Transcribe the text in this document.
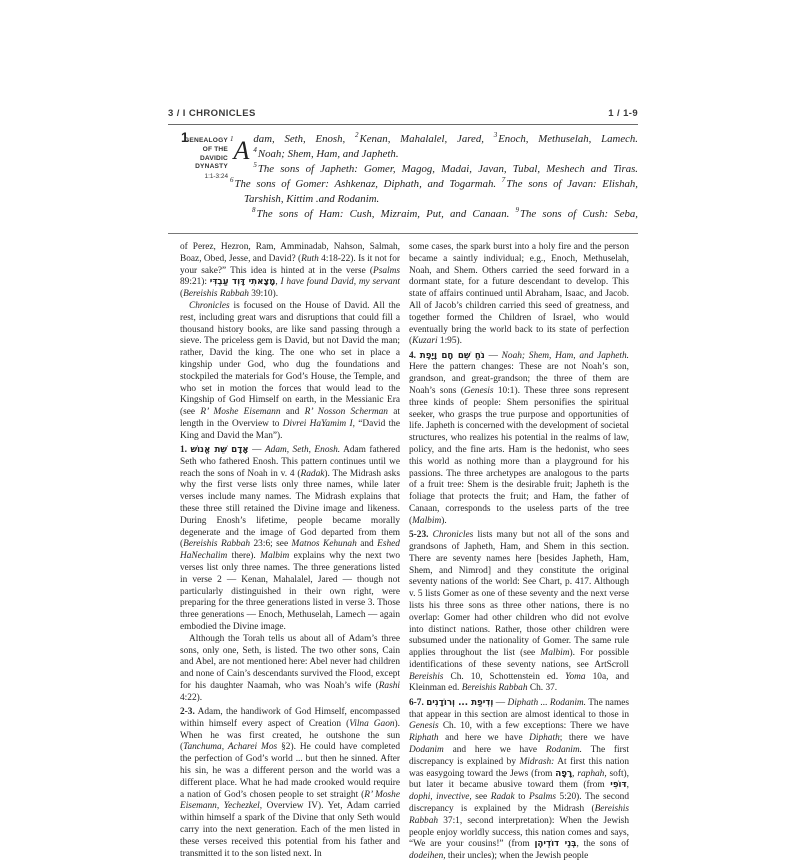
3 / I CHRONICLES	1 / 1-9
1
GENEALOGY
OF THE
DAVIDIC
DYNASTY
1:1-3:24
$^1$A dam, Seth, Enosh, $^2$Kenan, Mahalalel, Jared, $^3$Enoch, Methuselah, Lamech.
$^4$Noah; Shem, Ham, and Japheth.
$^5$The sons of Japheth: Gomer, Magog, Madai, Javan, Tubal, Meshech and Tiras.
$^6$The sons of Gomer: Ashkenaz, Diphath, and Togarmah. $^7$The sons of Javan: Elishah,
Tarshish, Kittim .and Rodanim.
$^8$The sons of Ham: Cush, Mizraim, Put, and Canaan. $^9$The sons of Cush: Seba,
of Perez, Hezron, Ram, Amminadab, Nahson, Salmah, Boaz, Obed, Jesse, and David? (Ruth 4:18-22). Is it not for your sake?” This idea is hinted at in the verse (Psalms 89:21): מָצָאתִי דָּוִד עַבְדִּי, I have found David, my servant (Bereishis Rabbah 39:10).
Chronicles is focused on the House of David. All the rest, including great wars and disruptions that could fill a thousand history books, are like sand passing through a sieve. The priceless gem is David, but not David the man; rather, David the king. The one who set in place a kingship under God, who dug the foundations and stockpiled the materials for God’s House, the Temple, and who set in motion the forces that would lead to the Kingship of God Himself on earth, in the Messianic Era (see R’ Moshe Eisemann and R’ Nosson Scherman at length in the Overview to Divrei HaYamim I, “David the King and David the Man”).
1. אָדָם שֵׁת אֱנוֹשׁ — Adam, Seth, Enosh. Adam fathered Seth who fathered Enosh. This pattern continues until we reach the sons of Noah in v. 4 (Radak). The Midrash asks why the first verse lists only three names, while later verses include many names. The Midrash explains that these three still retained the Divine image and likeness. During Enosh’s lifetime, people became morally degenerate and the image of God departed from them (Bereishis Rabbah 23:6; see Matnos Kehunah and Eshed HaNechalim there). Malbim explains why the next two verses list only three names. The three generations listed in verse 2 — Kenan, Mahalalel, Jared — though not particularly distinguished in their own right, were preparing for the three generations listed in verse 3. Those three generations — Enoch, Methuselah, Lamech — again embodied the Divine image.
Although the Torah tells us about all of Adam’s three sons, only one, Seth, is listed. The two other sons, Cain and Abel, are not mentioned here: Abel never had children and none of Cain’s descendants survived the Flood, except for his daughter Naamah, who was Noah’s wife (Rashi 4:22).
2-3. Adam, the handiwork of God Himself, encompassed within himself every aspect of Creation (Vilna Gaon). When he was first created, he outshone the sun (Tanchuma, Acharei Mos §2). He could have completed the perfection of God’s world ... but then he sinned. After his sin, he was a different person and the world was a different place. What he had made crooked would require a nation of God’s chosen people to set straight (R’ Moshe Eisemann, Yechezkel, Overview IV). Yet, Adam carried within himself a spark of the Divine that only Seth would carry into the next generation. Each of the men listed in these verses received this potential from his father and transmitted it to the son listed next. In
some cases, the spark burst into a holy fire and the person became a saintly individual; e.g., Enoch, Methuselah, Noah, and Shem. Others carried the seed forward in a dormant state, for a future descendant to develop. This state of affairs continued until Abraham, Isaac, and Jacob. All of Jacob’s children carried this seed of greatness, and together formed the Children of Israel, who would eventually bring the world back to its state of perfection (Kuzari 1:95).
4. נֹחַ שֵׁם חָם וָיָפֶת — Noah; Shem, Ham, and Japheth. Here the pattern changes: These are not Noah’s son, grandson, and great-grandson; the three of them are Noah’s sons (Genesis 10:1). These three sons represent three kinds of people: Shem personifies the spiritual seeker, who grasps the true purpose and opportunities of life. Japheth is concerned with the development of societal structures, who realizes his potential in the realms of law, policy, and the fine arts. Ham is the hedonist, who sees this world as nothing more than a playground for his passions. The three archetypes are analogous to the parts of a fruit tree: Shem is the desirable fruit; Japheth is the foliage that protects the fruit; and Ham, the father of Canaan, corresponds to the useless parts of the tree (Malbim).
5-23. Chronicles lists many but not all of the sons and grandsons of Japheth, Ham, and Shem in this section. There are seventy names here [besides Japheth, Ham, Shem, and Nimrod] and they constitute the original seventy nations of the world: See Chart, p. 417. Although v. 5 lists Gomer as one of these seventy and the next verse lists his three sons as three other nations, there is no overlap: Gomer had other children who did not evolve into distinct nations. Rather, those other children were subsumed under the nationality of Gomer. The same rule applies throughout the list (see Malbim). For possible identifications of these seventy nations, see ArtScroll Bereishis Ch. 10, Schottenstein ed. Yoma 10a, and Kleinman ed. Bereishis Rabbah Ch. 37.
6-7. וְדִיפַת ... וְרוֹדָנִים — Diphath ... Rodanim. The names that appear in this section are almost identical to those in Genesis Ch. 10, with a few exceptions: There we have Riphath and here we have Diphath; there we have Dodanim and here we have Rodanim. The first discrepancy is explained by Midrash: At first this nation was easygoing toward the Jews (from רָפָה, raphah, soft), but later it became abusive toward them (from דּוֹפִי, dophi, invective, see Radak to Psalms 5:20). The second discrepancy is explained by the Midrash (Bereishis Rabbah 37:1, second interpretation): When the Jewish people enjoy worldly success, this nation comes and says, “We are your cousins!” (from בְּנֵי דוֹדֵיהֶן, the sons of dodeihen, their uncles); when the Jewish people
